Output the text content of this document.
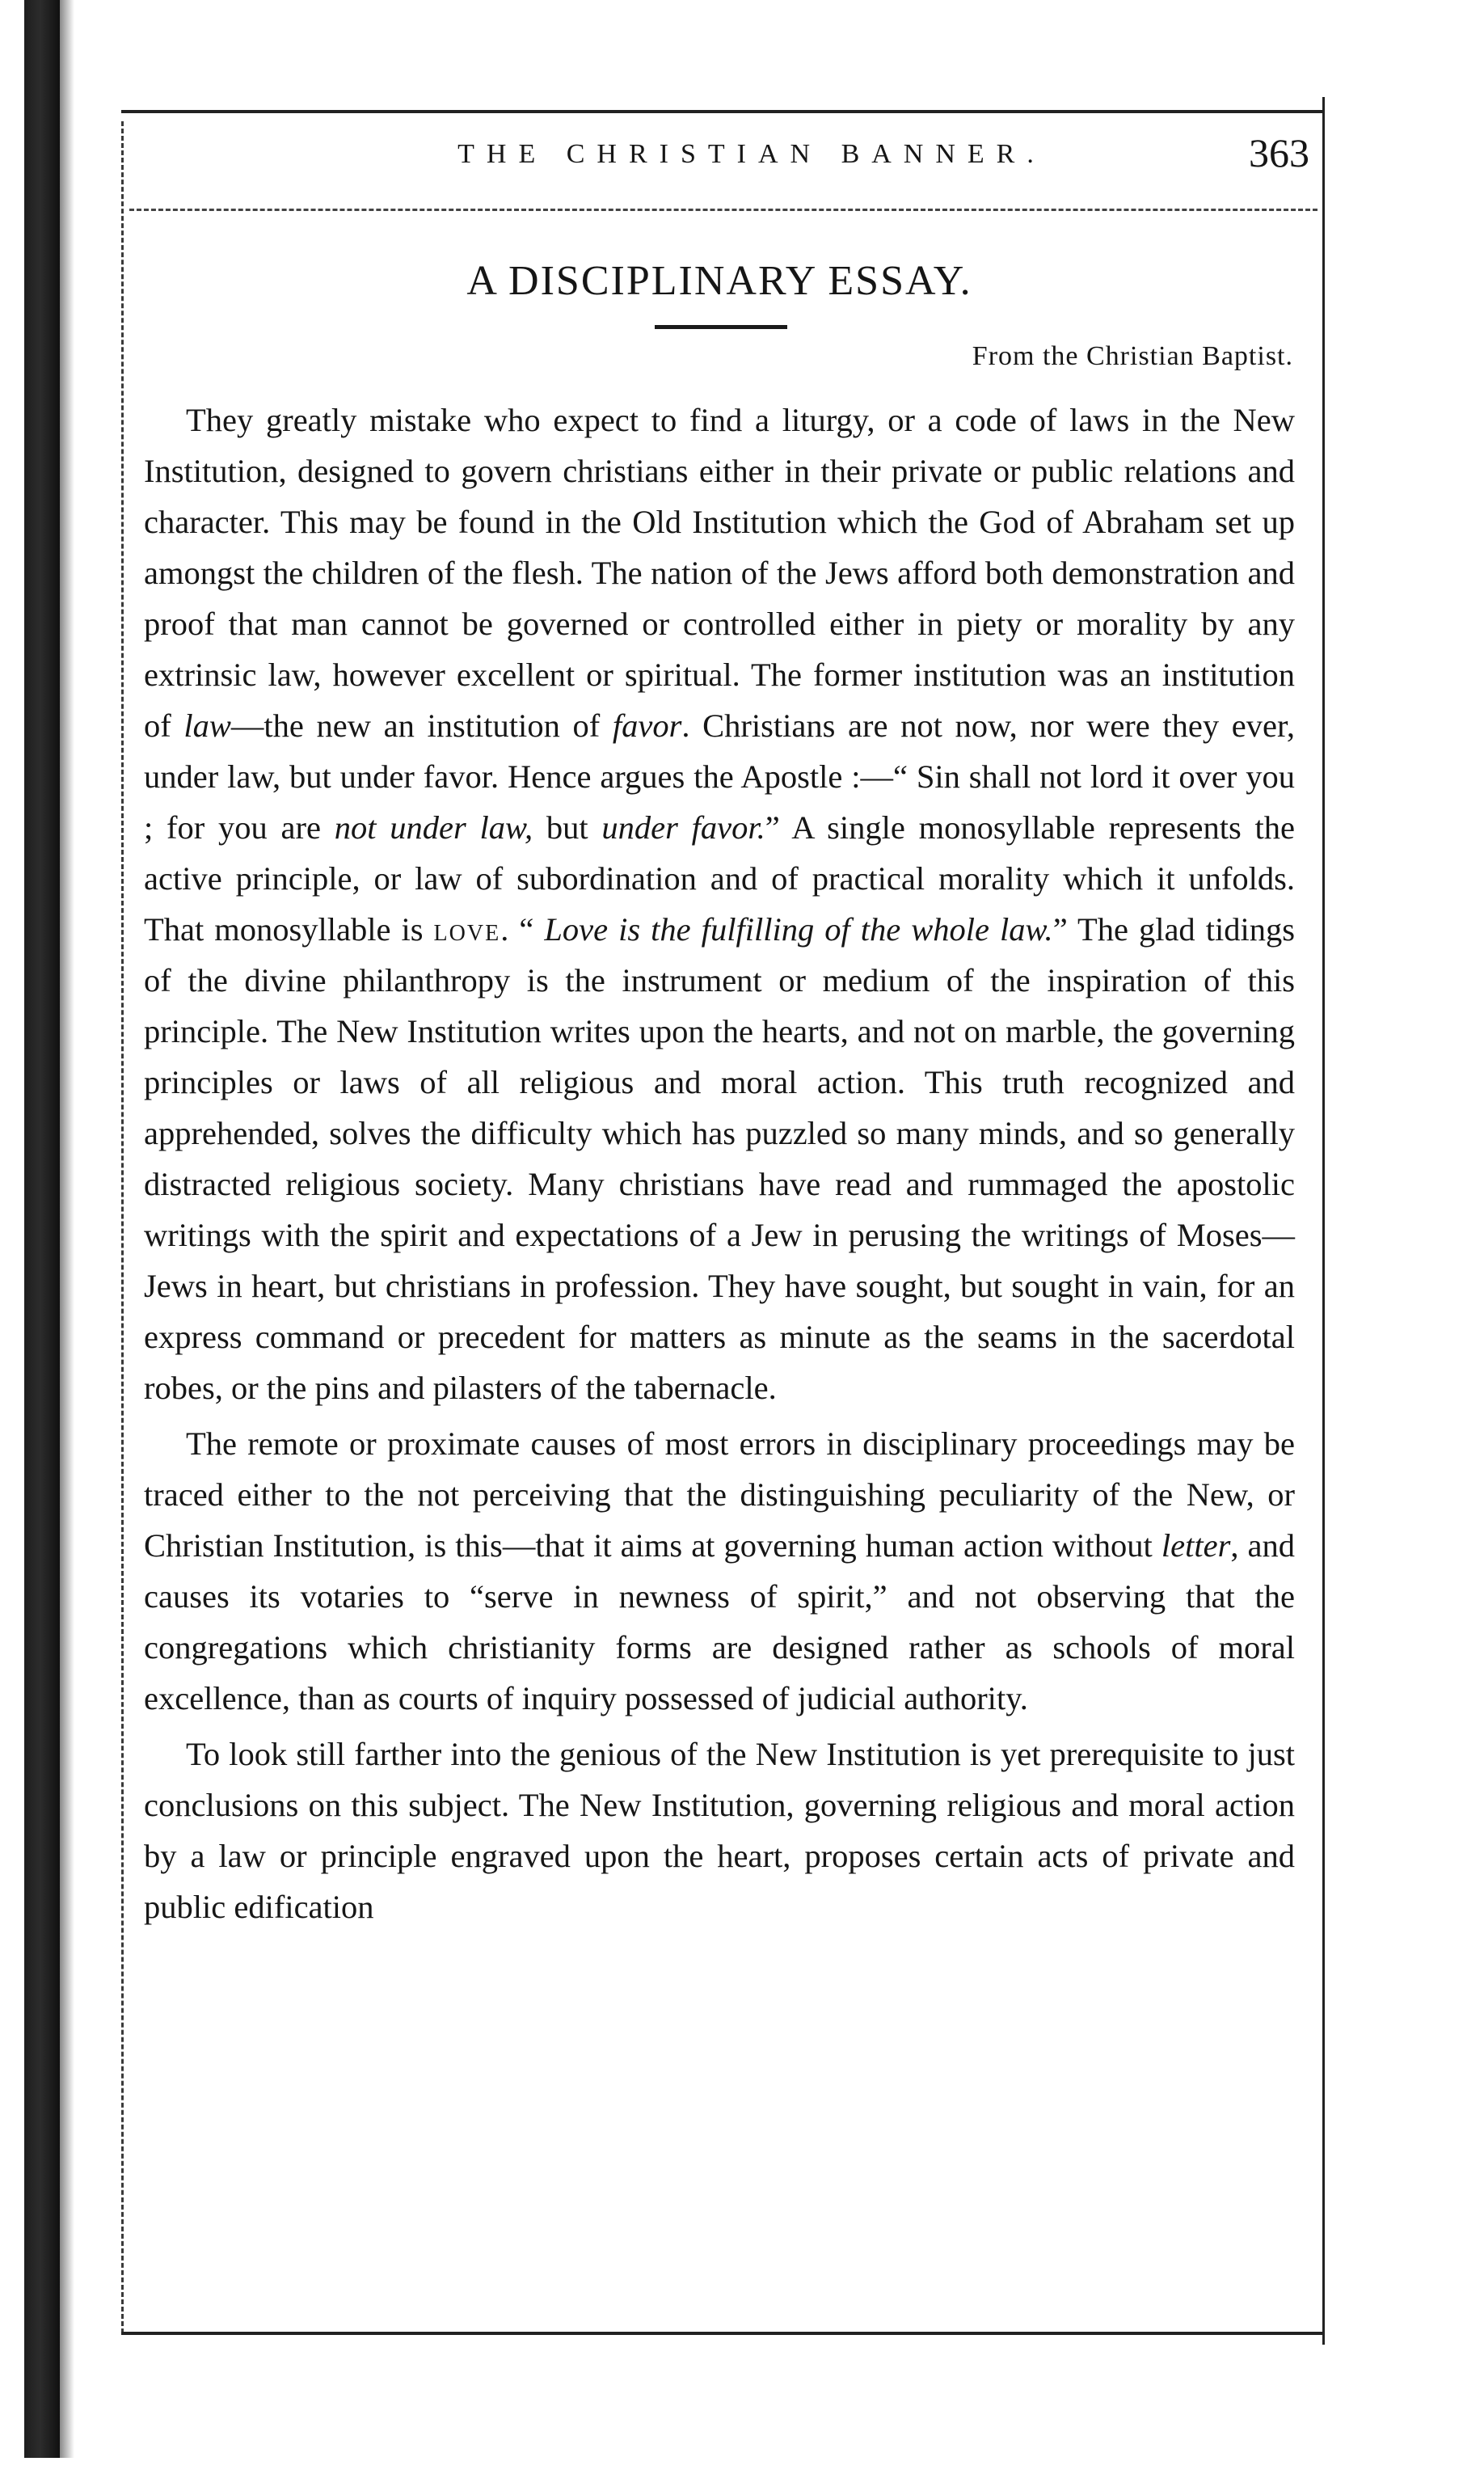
THE CHRISTIAN BANNER.	363
A DISCIPLINARY ESSAY.
From the Christian Baptist.

They greatly mistake who expect to find a liturgy, or a code of laws in the New Institution, designed to govern christians either in their private or public relations and character. This may be found in the Old Institution which the God of Abraham set up amongst the children of the flesh. The nation of the Jews afford both demonstration and proof that man cannot be governed or controlled either in piety or morality by any extrinsic law, however excellent or spiritual. The former institution was an institution of law—the new an institution of favor. Christians are not now, nor were they ever, under law, but under favor. Hence argues the Apostle :—“ Sin shall not lord it over you ; for you are not under law, but under favor.” A single monosyllable represents the active principle, or law of subordination and of practical morality which it unfolds. That monosyllable is love. “ Love is the fulfilling of the whole law.” The glad tidings of the divine philanthropy is the instrument or medium of the inspiration of this principle. The New Institution writes upon the hearts, and not on marble, the governing principles or laws of all religious and moral action. This truth recognized and apprehended, solves the difficulty which has puzzled so many minds, and so generally distracted religious society. Many christians have read and rummaged the apostolic writings with the spirit and expectations of a Jew in perusing the writings of Moses—Jews in heart, but christians in profession. They have sought, but sought in vain, for an express command or precedent for matters as minute as the seams in the sacerdotal robes, or the pins and pilasters of the tabernacle.

The remote or proximate causes of most errors in disciplinary proceedings may be traced either to the not perceiving that the distinguishing peculiarity of the New, or Christian Institution, is this—that it aims at governing human action without letter, and causes its votaries to “serve in newness of spirit,” and not observing that the congregations which christianity forms are designed rather as schools of moral excellence, than as courts of inquiry possessed of judicial authority.

To look still farther into the genious of the New Institution is yet prerequisite to just conclusions on this subject. The New Institution, governing religious and moral action by a law or principle engraved upon the heart, proposes certain acts of private and public edification
